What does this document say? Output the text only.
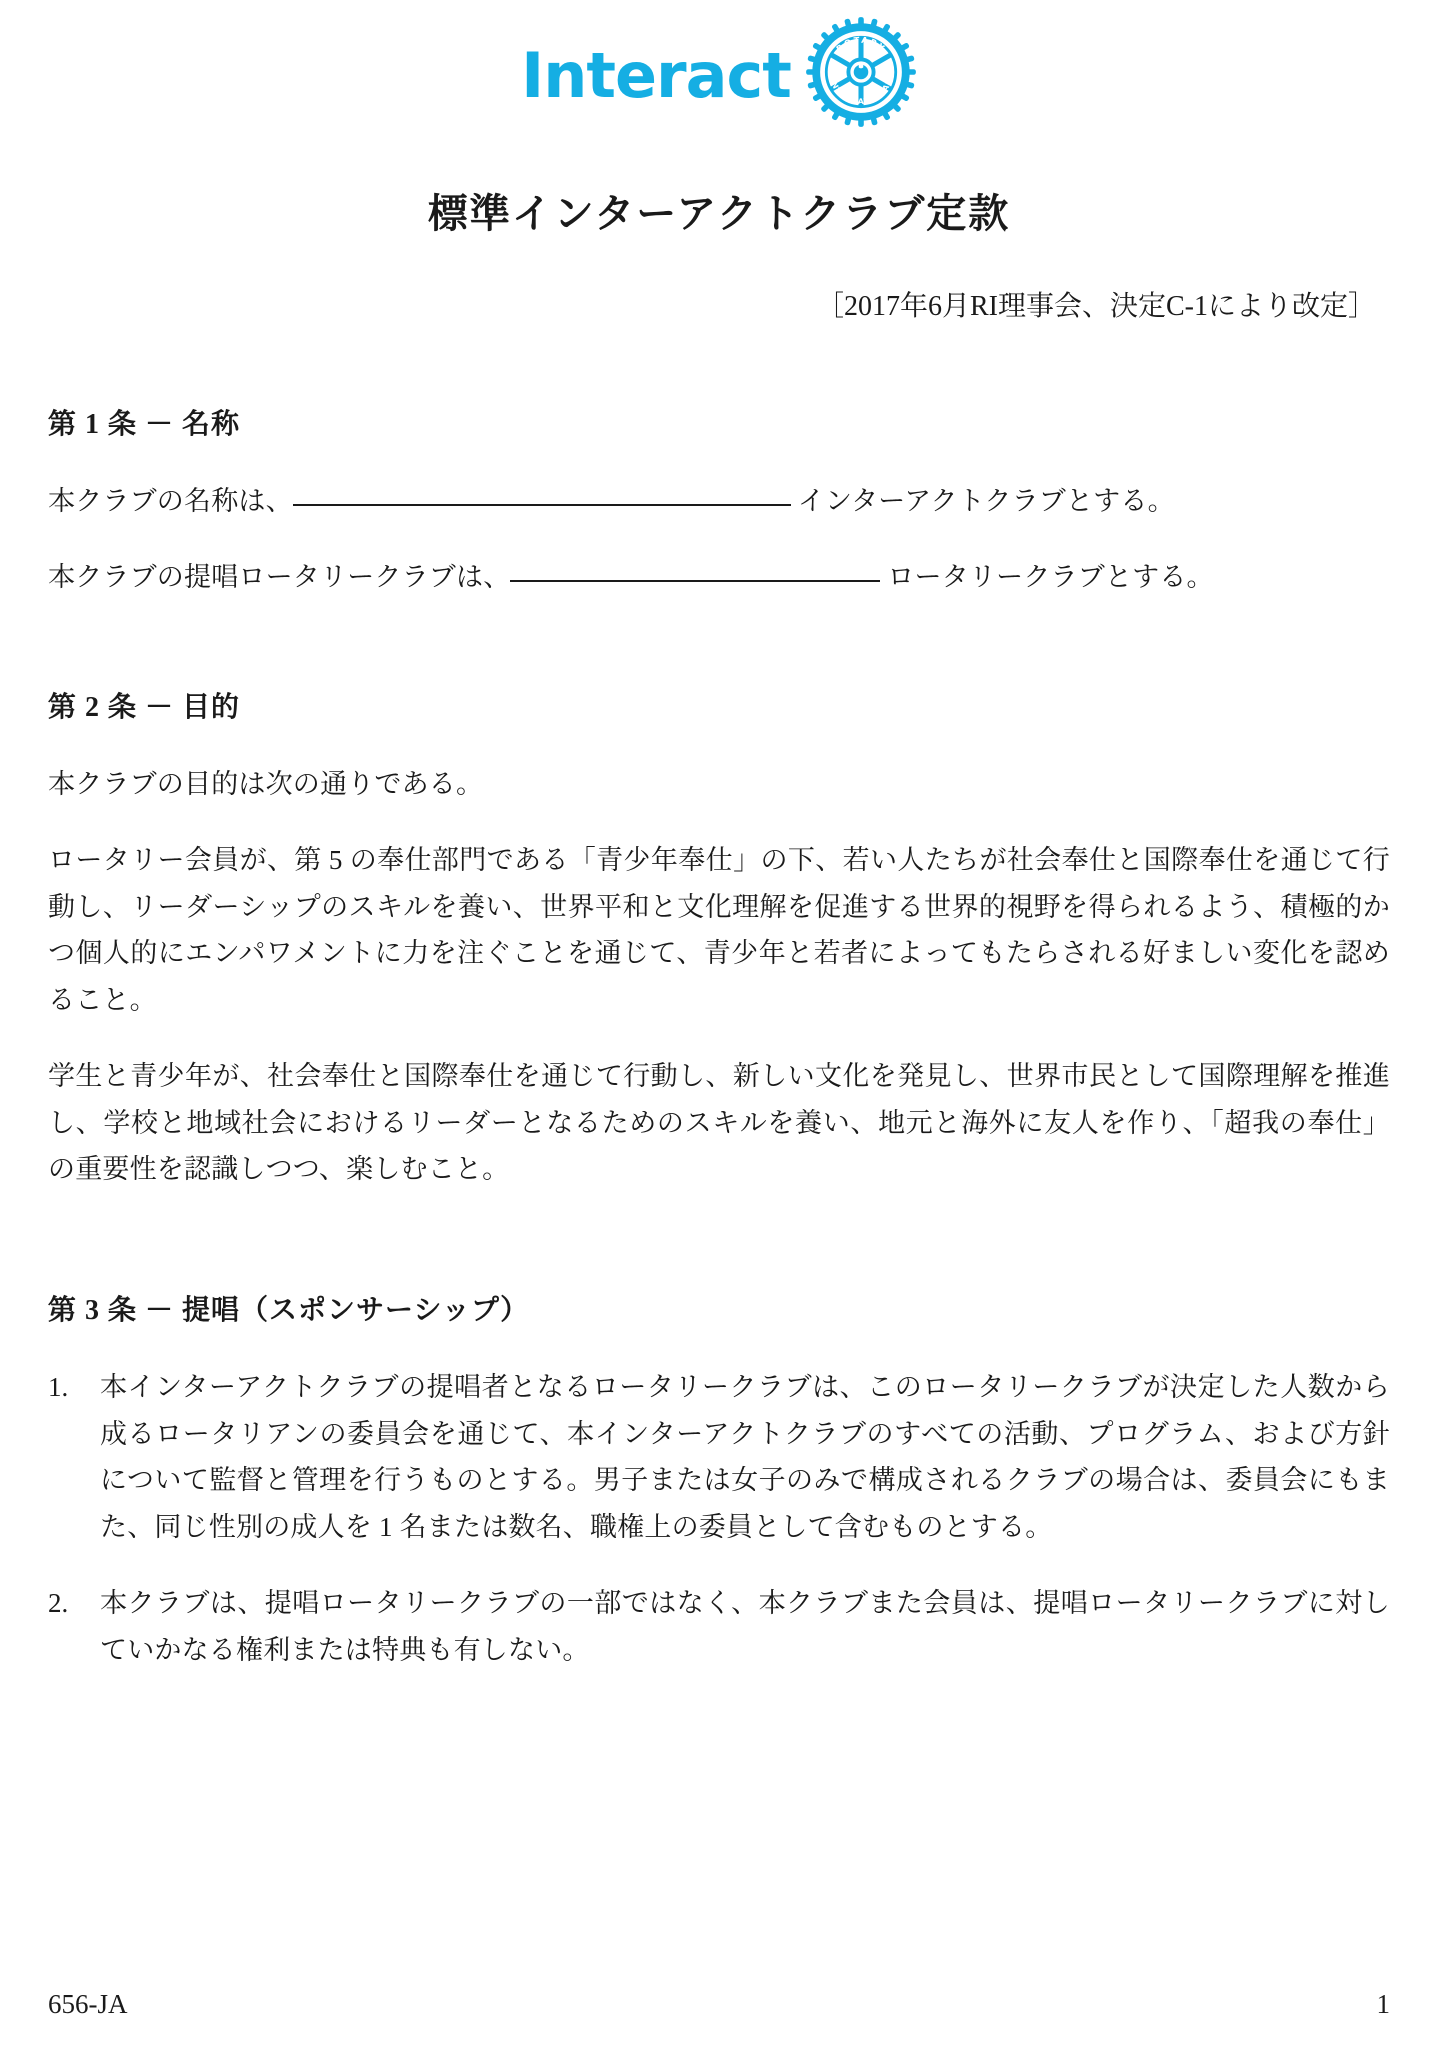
Interact	ROTARY
INTERNATIONAL
標準インターアクトクラブ定款
［2017年6月RI理事会、決定C-1により改定］
第 1 条 － 名称

本クラブの名称は、	インターアクトクラブとする。

本クラブの提唱ロータリークラブは、	ロータリークラブとする。

第 2 条 － 目的

本クラブの目的は次の通りである。

ロータリー会員が、第 5 の奉仕部門である「青少年奉仕」の下、若い人たちが社会奉仕と国際奉仕を通じて行動し、リーダーシップのスキルを養い、世界平和と文化理解を促進する世界的視野を得られるよう、積極的かつ個人的にエンパワメントに力を注ぐことを通じて、青少年と若者によってもたらされる好ましい変化を認めること。

学生と青少年が、社会奉仕と国際奉仕を通じて行動し、新しい文化を発見し、世界市民として国際理解を推進し、学校と地域社会におけるリーダーとなるためのスキルを養い、地元と海外に友人を作り、「超我の奉仕」の重要性を認識しつつ、楽しむこと。

第 3 条 － 提唱（スポンサーシップ）
1.	本インターアクトクラブの提唱者となるロータリークラブは、このロータリークラブが決定した人数から成るロータリアンの委員会を通じて、本インターアクトクラブのすべての活動、プログラム、および方針について監督と管理を行うものとする。男子または女子のみで構成されるクラブの場合は、委員会にもまた、同じ性別の成人を 1 名または数名、職権上の委員として含むものとする。
2.	本クラブは、提唱ロータリークラブの一部ではなく、本クラブまた会員は、提唱ロータリークラブに対していかなる権利または特典も有しない。
656-JA	1
